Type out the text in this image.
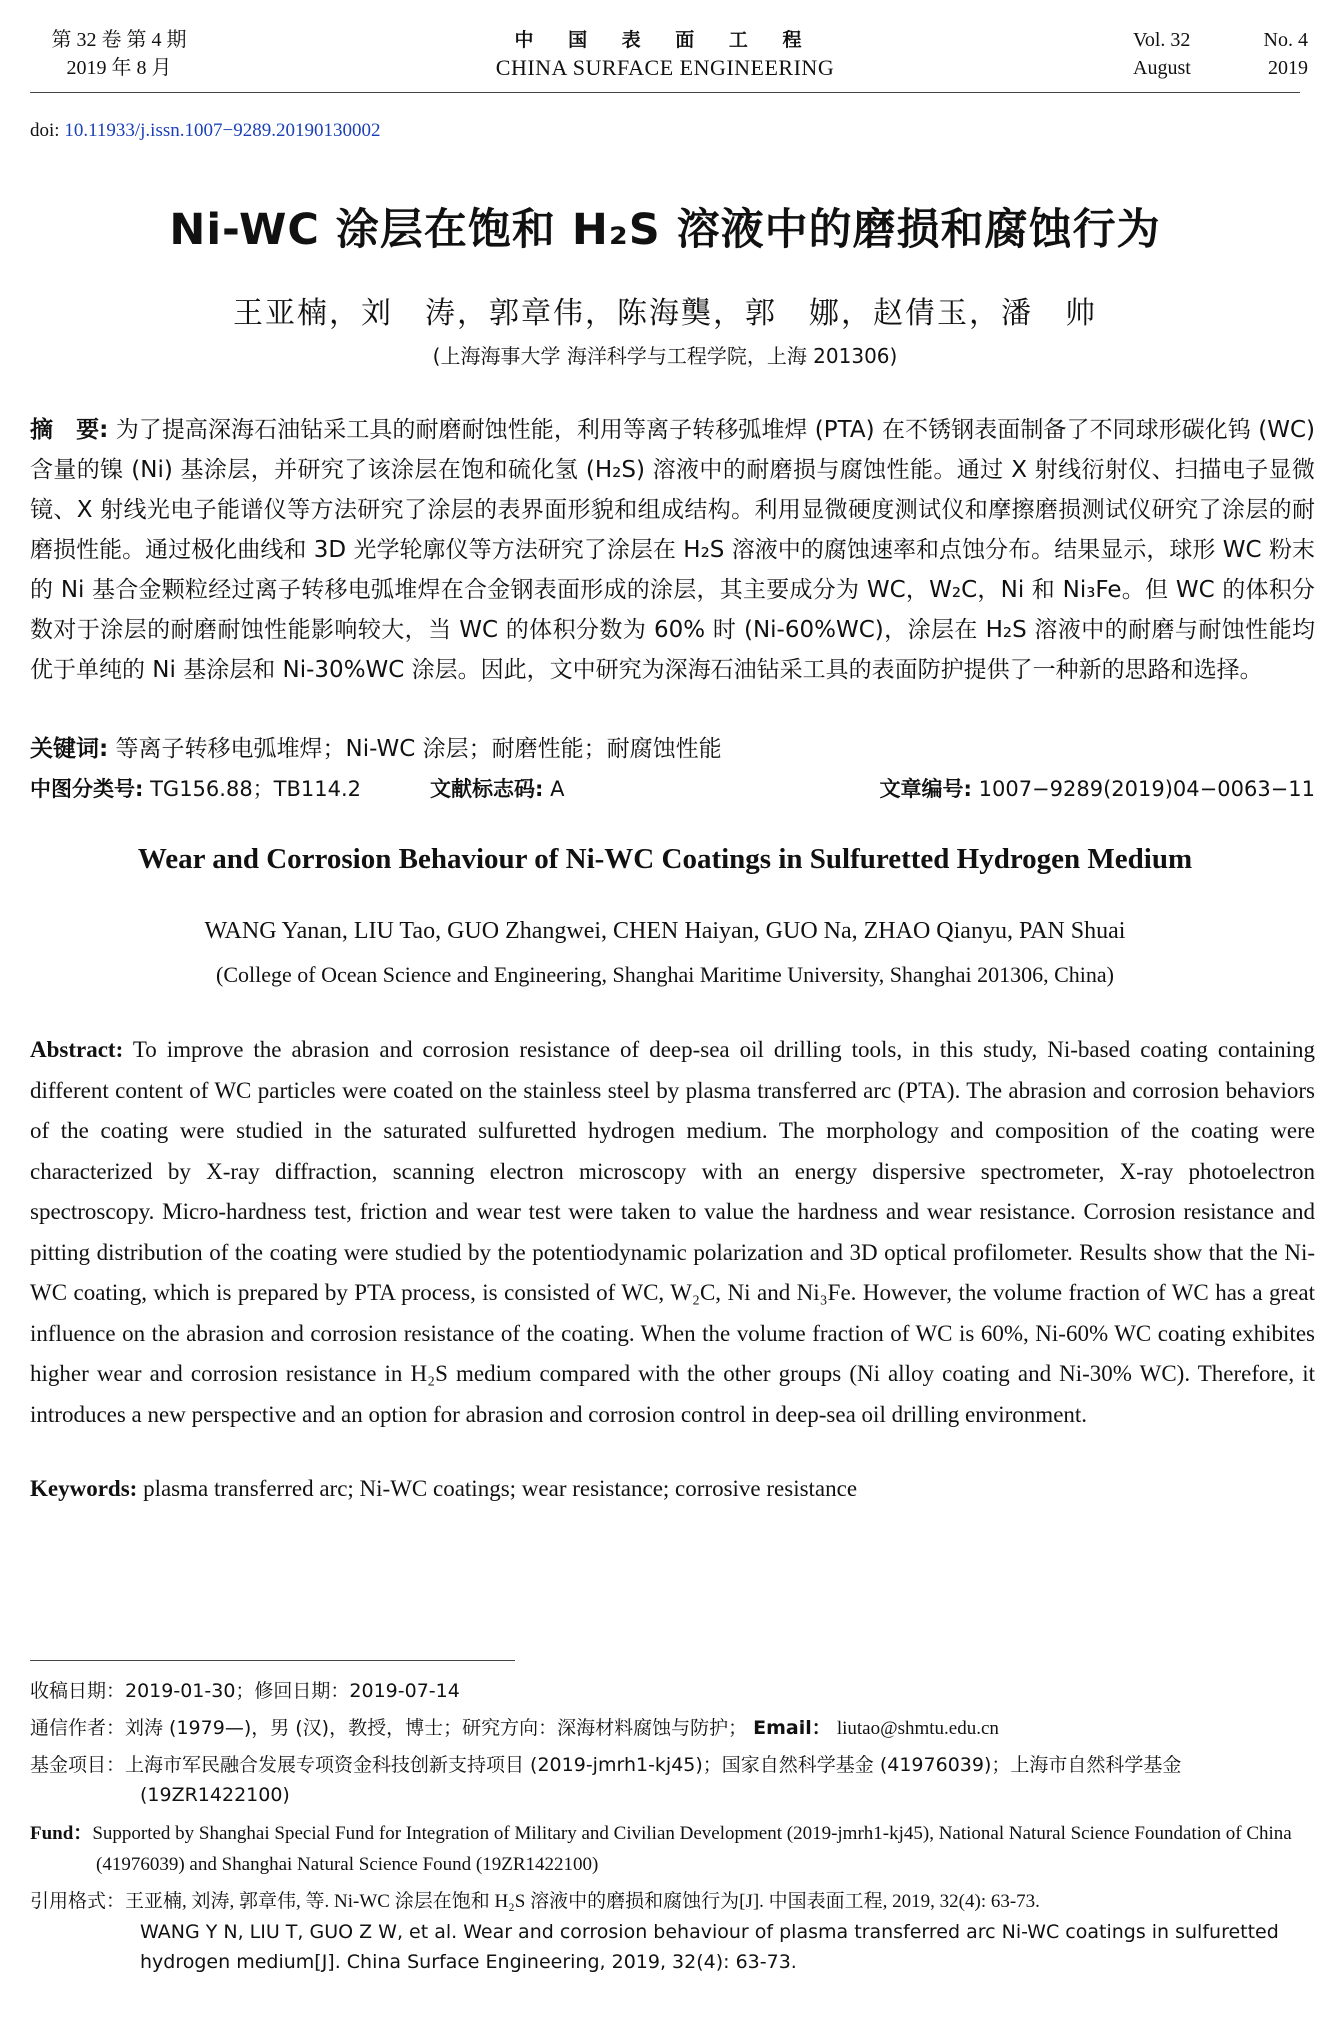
第 32 卷 第 4 期
2019 年 8 月
中 国 表 面 工 程
CHINA SURFACE ENGINEERING
Vol. 32	No. 4
August	2019
doi: 10.11933/j.issn.1007−9289.20190130002
Ni-WC 涂层在饱和 H₂S 溶液中的磨损和腐蚀行为
王亚楠，刘　涛，郭章伟，陈海龑，郭　娜，赵倩玉，潘　帅
(上海海事大学 海洋科学与工程学院，上海 201306)
摘　要: 为了提高深海石油钻采工具的耐磨耐蚀性能，利用等离子转移弧堆焊 (PTA) 在不锈钢表面制备了不同球形碳化钨 (WC) 含量的镍 (Ni) 基涂层，并研究了该涂层在饱和硫化氢 (H₂S) 溶液中的耐磨损与腐蚀性能。通过 X 射线衍射仪、扫描电子显微镜、X 射线光电子能谱仪等方法研究了涂层的表界面形貌和组成结构。利用显微硬度测试仪和摩擦磨损测试仪研究了涂层的耐磨损性能。通过极化曲线和 3D 光学轮廓仪等方法研究了涂层在 H₂S 溶液中的腐蚀速率和点蚀分布。结果显示，球形 WC 粉末的 Ni 基合金颗粒经过离子转移电弧堆焊在合金钢表面形成的涂层，其主要成分为 WC，W₂C，Ni 和 Ni₃Fe。但 WC 的体积分数对于涂层的耐磨耐蚀性能影响较大，当 WC 的体积分数为 60% 时 (Ni-60%WC)，涂层在 H₂S 溶液中的耐磨与耐蚀性能均优于单纯的 Ni 基涂层和 Ni-30%WC 涂层。因此，文中研究为深海石油钻采工具的表面防护提供了一种新的思路和选择。
关键词: 等离子转移电弧堆焊；Ni-WC 涂层；耐磨性能；耐腐蚀性能
中图分类号: TG156.88；TB114.2	文献标志码: A	文章编号: 1007−9289(2019)04−0063−11
Wear and Corrosion Behaviour of Ni-WC Coatings in Sulfuretted Hydrogen Medium
WANG Yanan, LIU Tao, GUO Zhangwei, CHEN Haiyan, GUO Na, ZHAO Qianyu, PAN Shuai
(College of Ocean Science and Engineering, Shanghai Maritime University, Shanghai 201306, China)
Abstract: To improve the abrasion and corrosion resistance of deep-sea oil drilling tools, in this study, Ni-based coating containing different content of WC particles were coated on the stainless steel by plasma transferred arc (PTA). The abrasion and corrosion behaviors of the coating were studied in the saturated sulfuretted hydrogen medium. The morphology and composition of the coating were characterized by X-ray diffraction, scanning electron microscopy with an energy dispersive spectrometer, X-ray photoelectron spectroscopy. Micro-hardness test, friction and wear test were taken to value the hardness and wear resistance. Corrosion resistance and pitting distribution of the coating were studied by the potentiodynamic polarization and 3D optical profilometer. Results show that the Ni-WC coating, which is prepared by PTA process, is consisted of WC, W₂C, Ni and Ni₃Fe. However, the volume fraction of WC has a great influence on the abrasion and corrosion resistance of the coating. When the volume fraction of WC is 60%, Ni-60% WC coating exhibites higher wear and corrosion resistance in H₂S medium compared with the other groups (Ni alloy coating and Ni-30% WC). Therefore, it introduces a new perspective and an option for abrasion and corrosion control in deep-sea oil drilling environment.
Keywords: plasma transferred arc; Ni-WC coatings; wear resistance; corrosive resistance
收稿日期：2019-01-30；修回日期：2019-07-14
通信作者：刘涛 (1979—)，男 (汉)，教授，博士；研究方向：深海材料腐蚀与防护； Email： liutao@shmtu.edu.cn
基金项目：上海市军民融合发展专项资金科技创新支持项目 (2019-jmrh1-kj45)；国家自然科学基金 (41976039)；上海市自然科学基金 (19ZR1422100)
Fund：Supported by Shanghai Special Fund for Integration of Military and Civilian Development (2019-jmrh1-kj45), National Natural Science Foundation of China (41976039) and Shanghai Natural Science Found (19ZR1422100)
引用格式：王亚楠, 刘涛, 郭章伟, 等. Ni-WC 涂层在饱和 H₂S 溶液中的磨损和腐蚀行为[J]. 中国表面工程, 2019, 32(4): 63-73.
WANG Y N, LIU T, GUO Z W, et al. Wear and corrosion behaviour of plasma transferred arc Ni-WC coatings in sulfuretted hydrogen medium[J]. China Surface Engineering, 2019, 32(4): 63-73.
